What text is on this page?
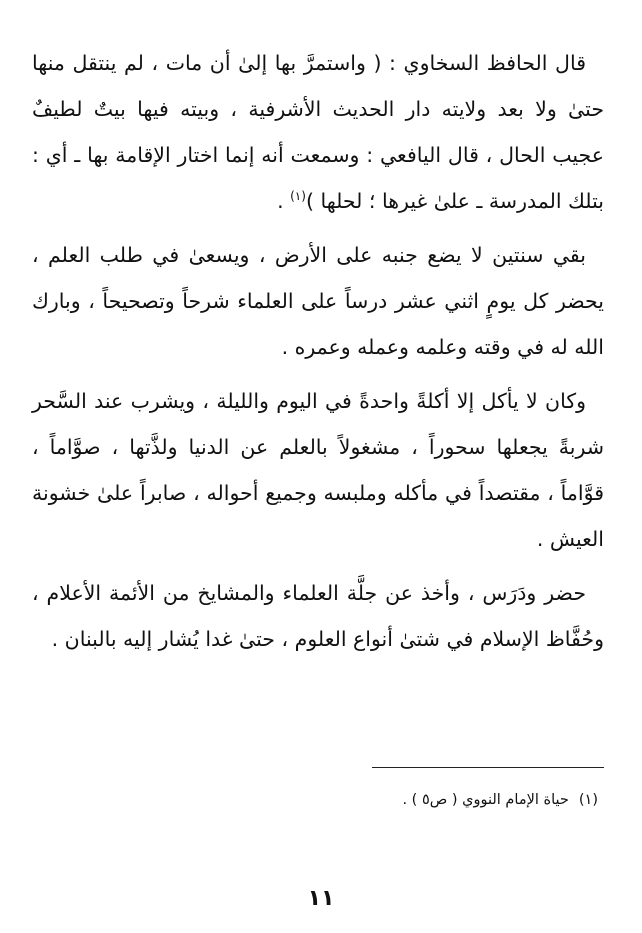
قال الحافظ السخاوي : ( واستمرَّ بها إلىٰ أن مات ، لم ينتقل منها حتىٰ ولا بعد ولايته دار الحديث الأشرفية ، وبيته فيها بيتٌ لطيفٌ عجيب الحال ، قال اليافعي : وسمعت أنه إنما اختار الإقامة بها ـ أي : بتلك المدرسة ـ علىٰ غيرها ؛ لحلها )$^{(١)}$ .

بقي سنتين لا يضع جنبه على الأرض ، ويسعىٰ في طلب العلم ، يحضر كل يومٍ اثني عشر درساً على العلماء شرحاً وتصحيحاً ، وبارك الله له في وقته وعلمه وعمله وعمره .

وكان لا يأكل إلا أكلةً واحدةً في اليوم والليلة ، ويشرب عند السَّحر شربةً يجعلها سحوراً ، مشغولاً بالعلم عن الدنيا ولذَّتها ، صوَّاماً ، قوَّاماً ، مقتصداً في مأكله وملبسه وجميع أحواله ، صابراً علىٰ خشونة العيش .

حضر ودَرَس ، وأخذ عن جلَّة العلماء والمشايخ من الأئمة الأعلام ، وحُفَّاظ الإسلام في شتىٰ أنواع العلوم ، حتىٰ غدا يُشار إليه بالبنان .

(١)حياة الإمام النووي ( ص٥ ) .
١١
